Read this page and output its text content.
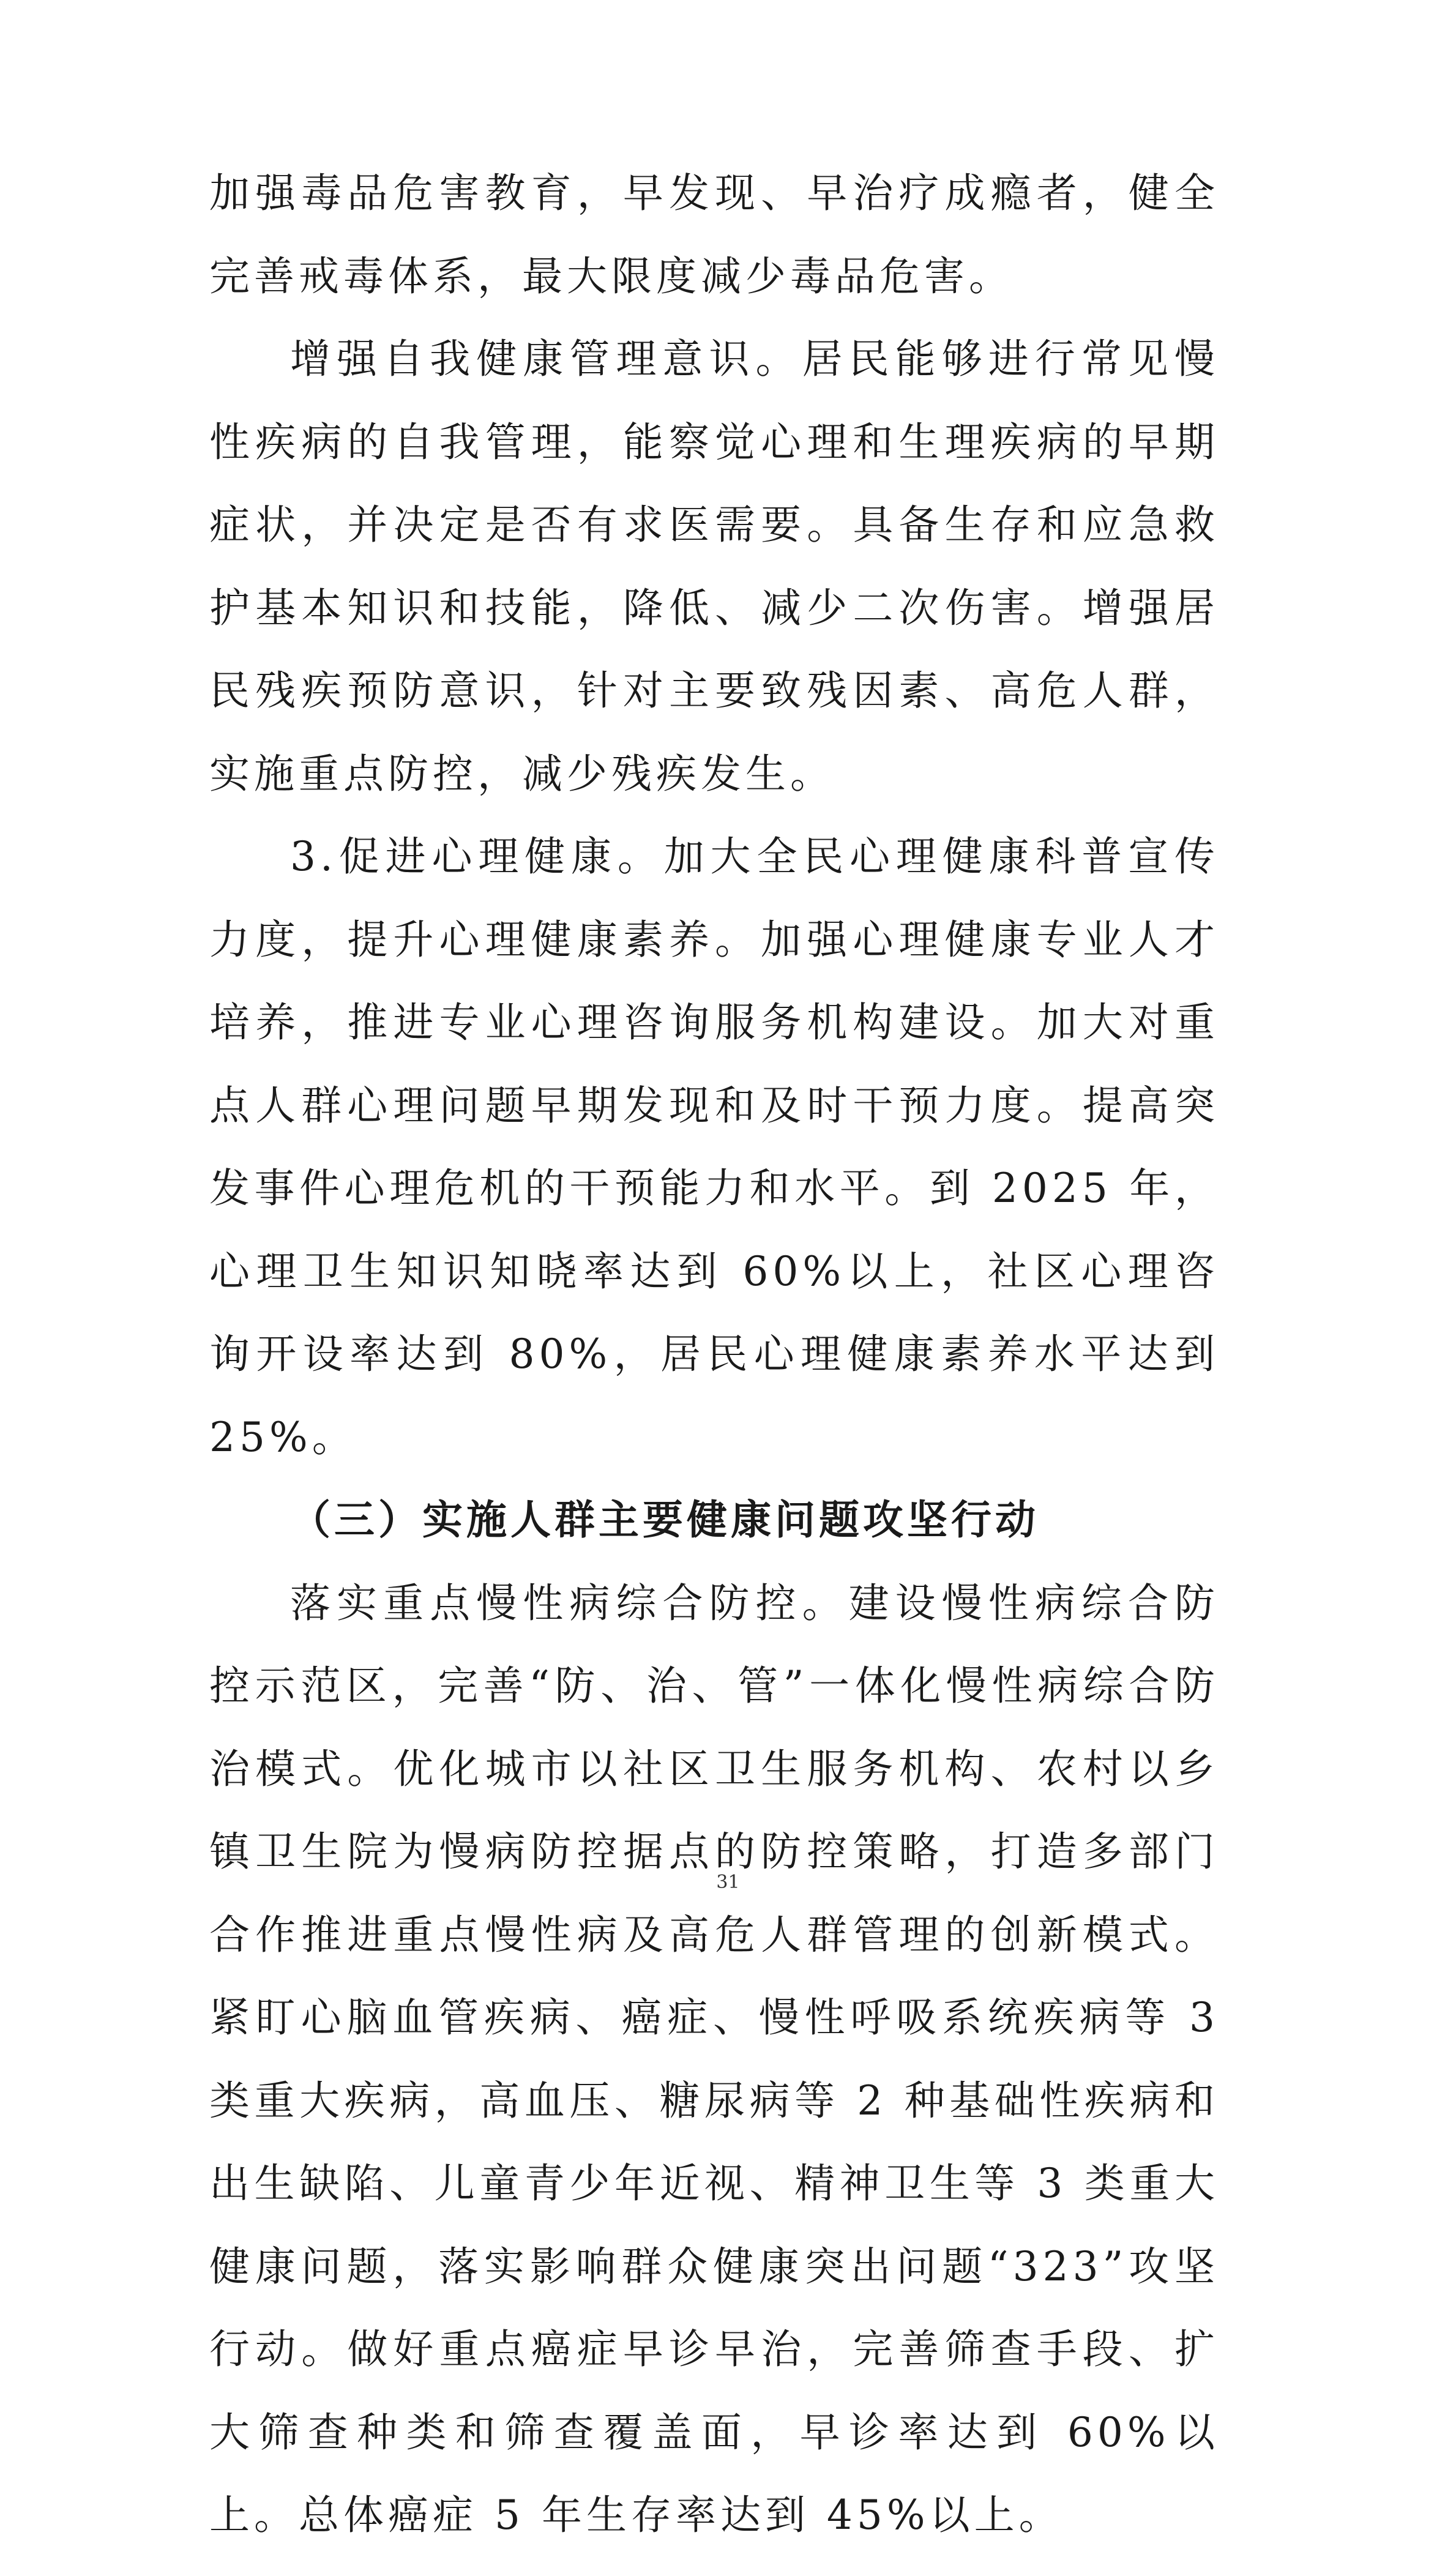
加强毒品危害教育，早发现、早治疗成瘾者，健全完善戒毒体系，最大限度减少毒品危害。

增强自我健康管理意识。居民能够进行常见慢性疾病的自我管理，能察觉心理和生理疾病的早期症状，并决定是否有求医需要。具备生存和应急救护基本知识和技能，降低、减少二次伤害。增强居民残疾预防意识，针对主要致残因素、高危人群，实施重点防控，减少残疾发生。

3.促进心理健康。加大全民心理健康科普宣传力度，提升心理健康素养。加强心理健康专业人才培养，推进专业心理咨询服务机构建设。加大对重点人群心理问题早期发现和及时干预力度。提高突发事件心理危机的干预能力和水平。到 2025 年，心理卫生知识知晓率达到 60%以上，社区心理咨询开设率达到 80%，居民心理健康素养水平达到 25%。

（三）实施人群主要健康问题攻坚行动

落实重点慢性病综合防控。建设慢性病综合防控示范区，完善“防、治、管”一体化慢性病综合防治模式。优化城市以社区卫生服务机构、农村以乡镇卫生院为慢病防控据点的防控策略，打造多部门合作推进重点慢性病及高危人群管理的创新模式。紧盯心脑血管疾病、癌症、慢性呼吸系统疾病等 3 类重大疾病，高血压、糖尿病等 2 种基础性疾病和出生缺陷、儿童青少年近视、精神卫生等 3 类重大健康问题，落实影响群众健康突出问题“323”攻坚行动。做好重点癌症早诊早治，完善筛查手段、扩大筛查种类和筛查覆盖面，早诊率达到 60%以上。总体癌症 5 年生存率达到 45%以上。

31
